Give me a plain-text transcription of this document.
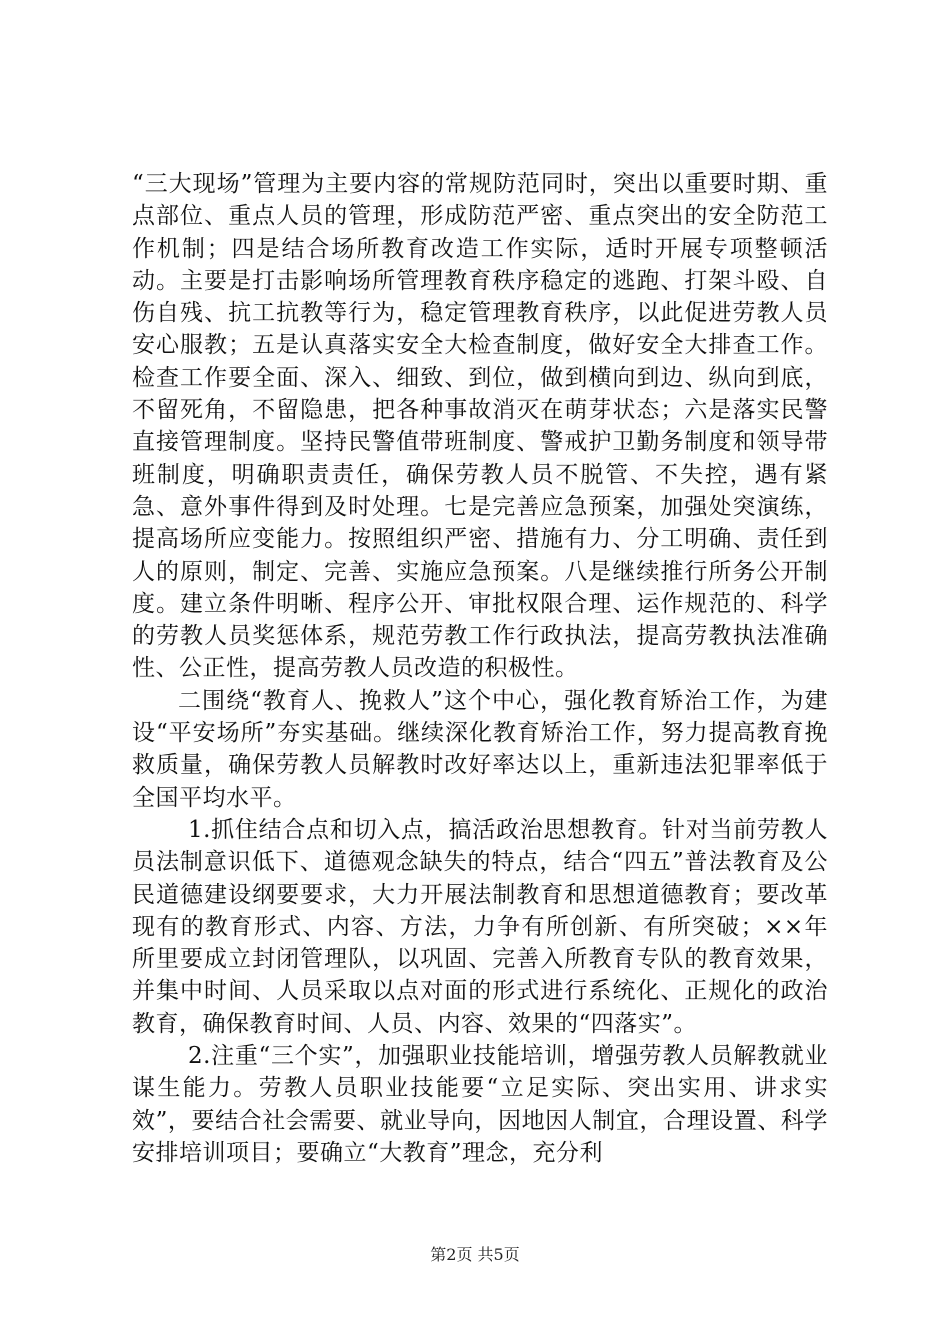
“三大现场”管理为主要内容的常规防范同时，突出以重要时期、重点部位、重点人员的管理，形成防范严密、重点突出的安全防范工作机制；四是结合场所教育改造工作实际，适时开展专项整顿活动。主要是打击影响场所管理教育秩序稳定的逃跑、打架斗殴、自伤自残、抗工抗教等行为，稳定管理教育秩序，以此促进劳教人员安心服教；五是认真落实安全大检查制度，做好安全大排查工作。检查工作要全面、深入、细致、到位，做到横向到边、纵向到底，不留死角，不留隐患，把各种事故消灭在萌芽状态；六是落实民警直接管理制度。坚持民警值带班制度、警戒护卫勤务制度和领导带班制度，明确职责责任，确保劳教人员不脱管、不失控，遇有紧急、意外事件得到及时处理。七是完善应急预案，加强处突演练，提高场所应变能力。按照组织严密、措施有力、分工明确、责任到人的原则，制定、完善、实施应急预案。八是继续推行所务公开制度。建立条件明晰、程序公开、审批权限合理、运作规范的、科学的劳教人员奖惩体系，规范劳教工作行政执法，提高劳教执法准确性、公正性，提高劳教人员改造的积极性。

二围绕“教育人、挽救人”这个中心，强化教育矫治工作，为建设“平安场所”夯实基础。继续深化教育矫治工作，努力提高教育挽救质量，确保劳教人员解教时改好率达以上，重新违法犯罪率低于全国平均水平。

1.抓住结合点和切入点，搞活政治思想教育。针对当前劳教人员法制意识低下、道德观念缺失的特点，结合“四五”普法教育及公民道德建设纲要要求，大力开展法制教育和思想道德教育；要改革现有的教育形式、内容、方法，力争有所创新、有所突破；××年所里要成立封闭管理队，以巩固、完善入所教育专队的教育效果，并集中时间、人员采取以点对面的形式进行系统化、正规化的政治教育，确保教育时间、人员、内容、效果的“四落实”。

2.注重“三个实”，加强职业技能培训，增强劳教人员解教就业谋生能力。劳教人员职业技能要“立足实际、突出实用、讲求实效”，要结合社会需要、就业导向，因地因人制宜，合理设置、科学安排培训项目；要确立“大教育”理念，充分利

第2页 共5页
